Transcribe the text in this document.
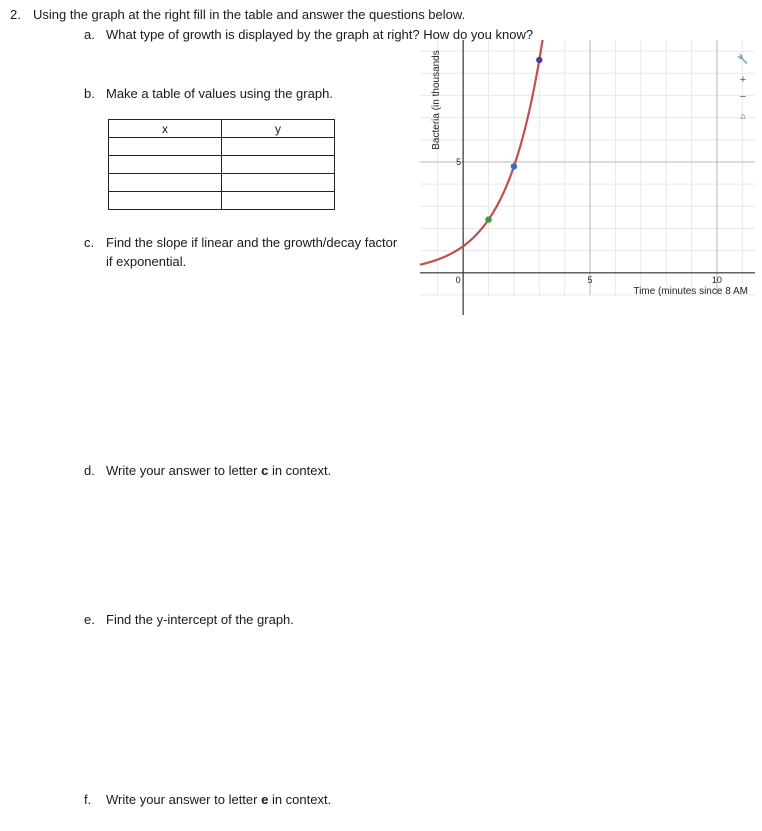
2. Using the graph at the right fill in the table and answer the questions below.
a. What type of growth is displayed by the graph at right? How do you know?
b. Make a table of values using the graph.
x	y

c. Find the slope if linear and the growth/decay factor
if exponential.
d. Write your answer to letter c in context.
e. Find the y-intercept of the graph.
f. Write your answer to letter e in context.
0	5	10
5
Time (minutes since 8 AM
Bacteria (in thousands	🔧
+
−
⌂
